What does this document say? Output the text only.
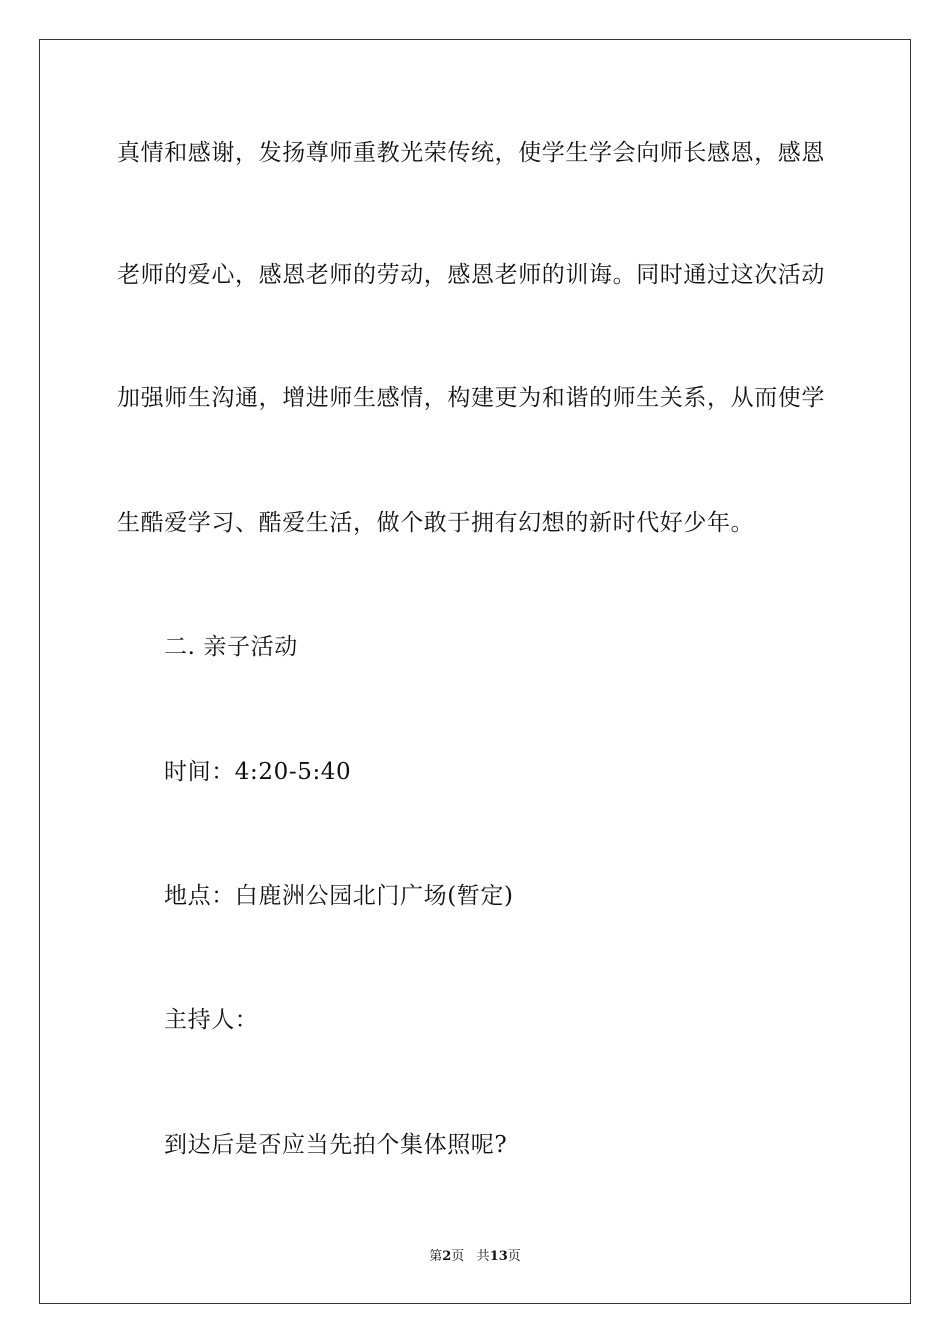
真情和感谢，发扬尊师重教光荣传统，使学生学会向师长感恩，感恩
老师的爱心，感恩老师的劳动，感恩老师的训诲。同时通过这次活动
加强师生沟通，增进师生感情，构建更为和谐的师生关系，从而使学
生酷爱学习、酷爱生活，做个敢于拥有幻想的新时代好少年。
二. 亲子活动
时间：4:20-5:40
地点：白鹿洲公园北门广场(暂定)
主持人：
到达后是否应当先拍个集体照呢?
第2页 共13页
